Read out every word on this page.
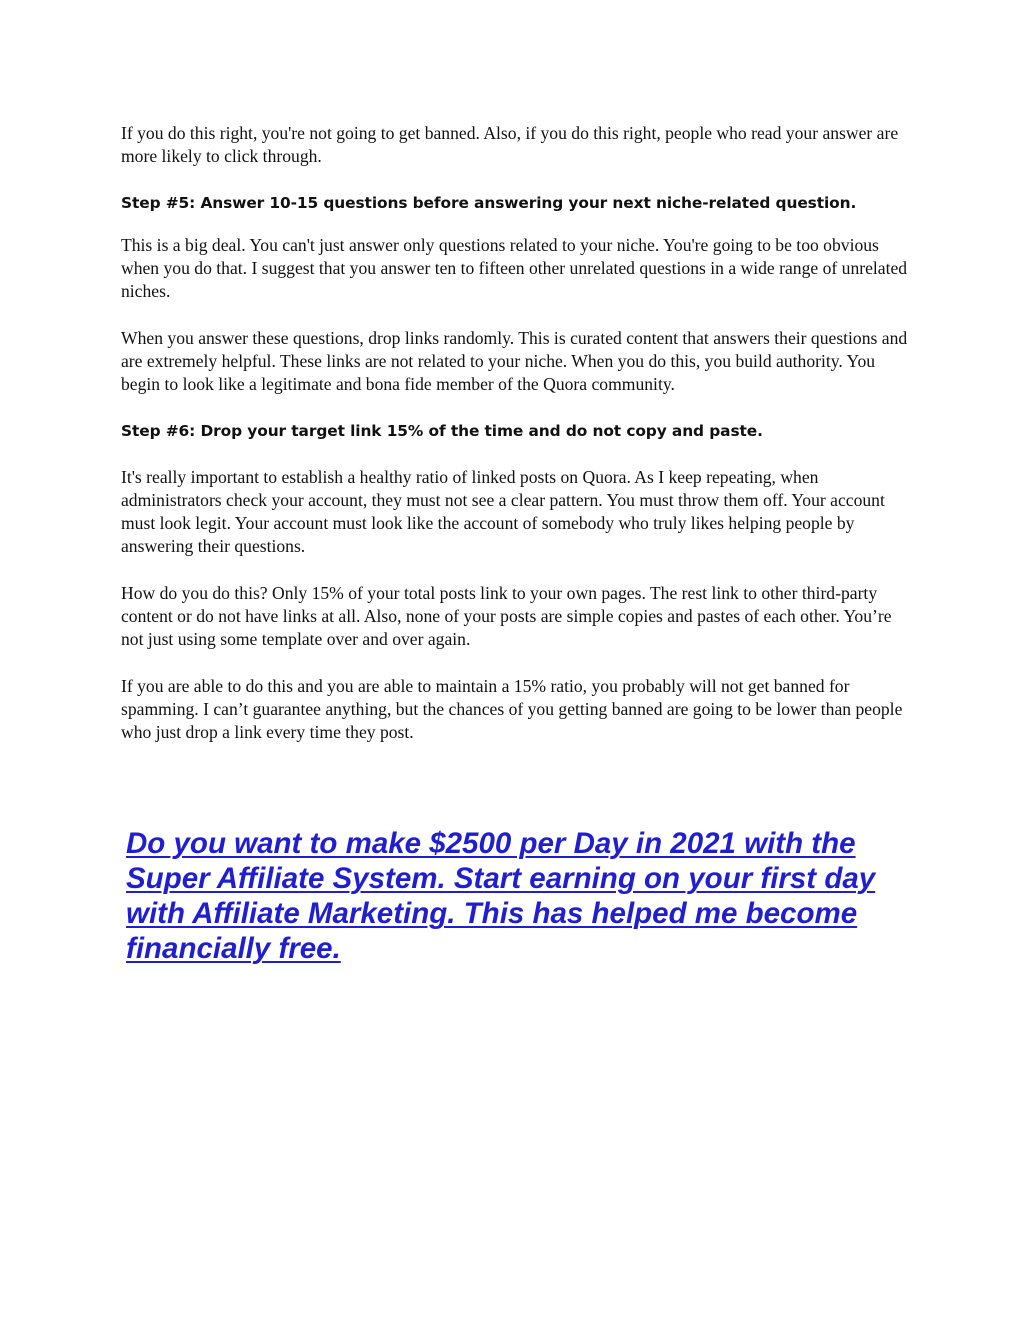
If you do this right, you're not going to get banned. Also, if you do this right, people who read your answer are more likely to click through.

Step #5: Answer 10-15 questions before answering your next niche-related question.

This is a big deal. You can't just answer only questions related to your niche. You're going to be too obvious when you do that. I suggest that you answer ten to fifteen other unrelated questions in a wide range of unrelated niches.

When you answer these questions, drop links randomly. This is curated content that answers their questions and are extremely helpful. These links are not related to your niche. When you do this, you build authority. You begin to look like a legitimate and bona fide member of the Quora community.

Step #6: Drop your target link 15% of the time and do not copy and paste.

It's really important to establish a healthy ratio of linked posts on Quora. As I keep repeating, when administrators check your account, they must not see a clear pattern. You must throw them off. Your account must look legit. Your account must look like the account of somebody who truly likes helping people by answering their questions.

How do you do this? Only 15% of your total posts link to your own pages. The rest link to other third-party content or do not have links at all. Also, none of your posts are simple copies and pastes of each other. You’re not just using some template over and over again.

If you are able to do this and you are able to maintain a 15% ratio, you probably will not get banned for spamming. I can’t guarantee anything, but the chances of you getting banned are going to be lower than people who just drop a link every time they post.

Do you want to make $2500 per Day in 2021 with the Super Affiliate System. Start earning on your first day with Affiliate Marketing. This has helped me become financially free.
